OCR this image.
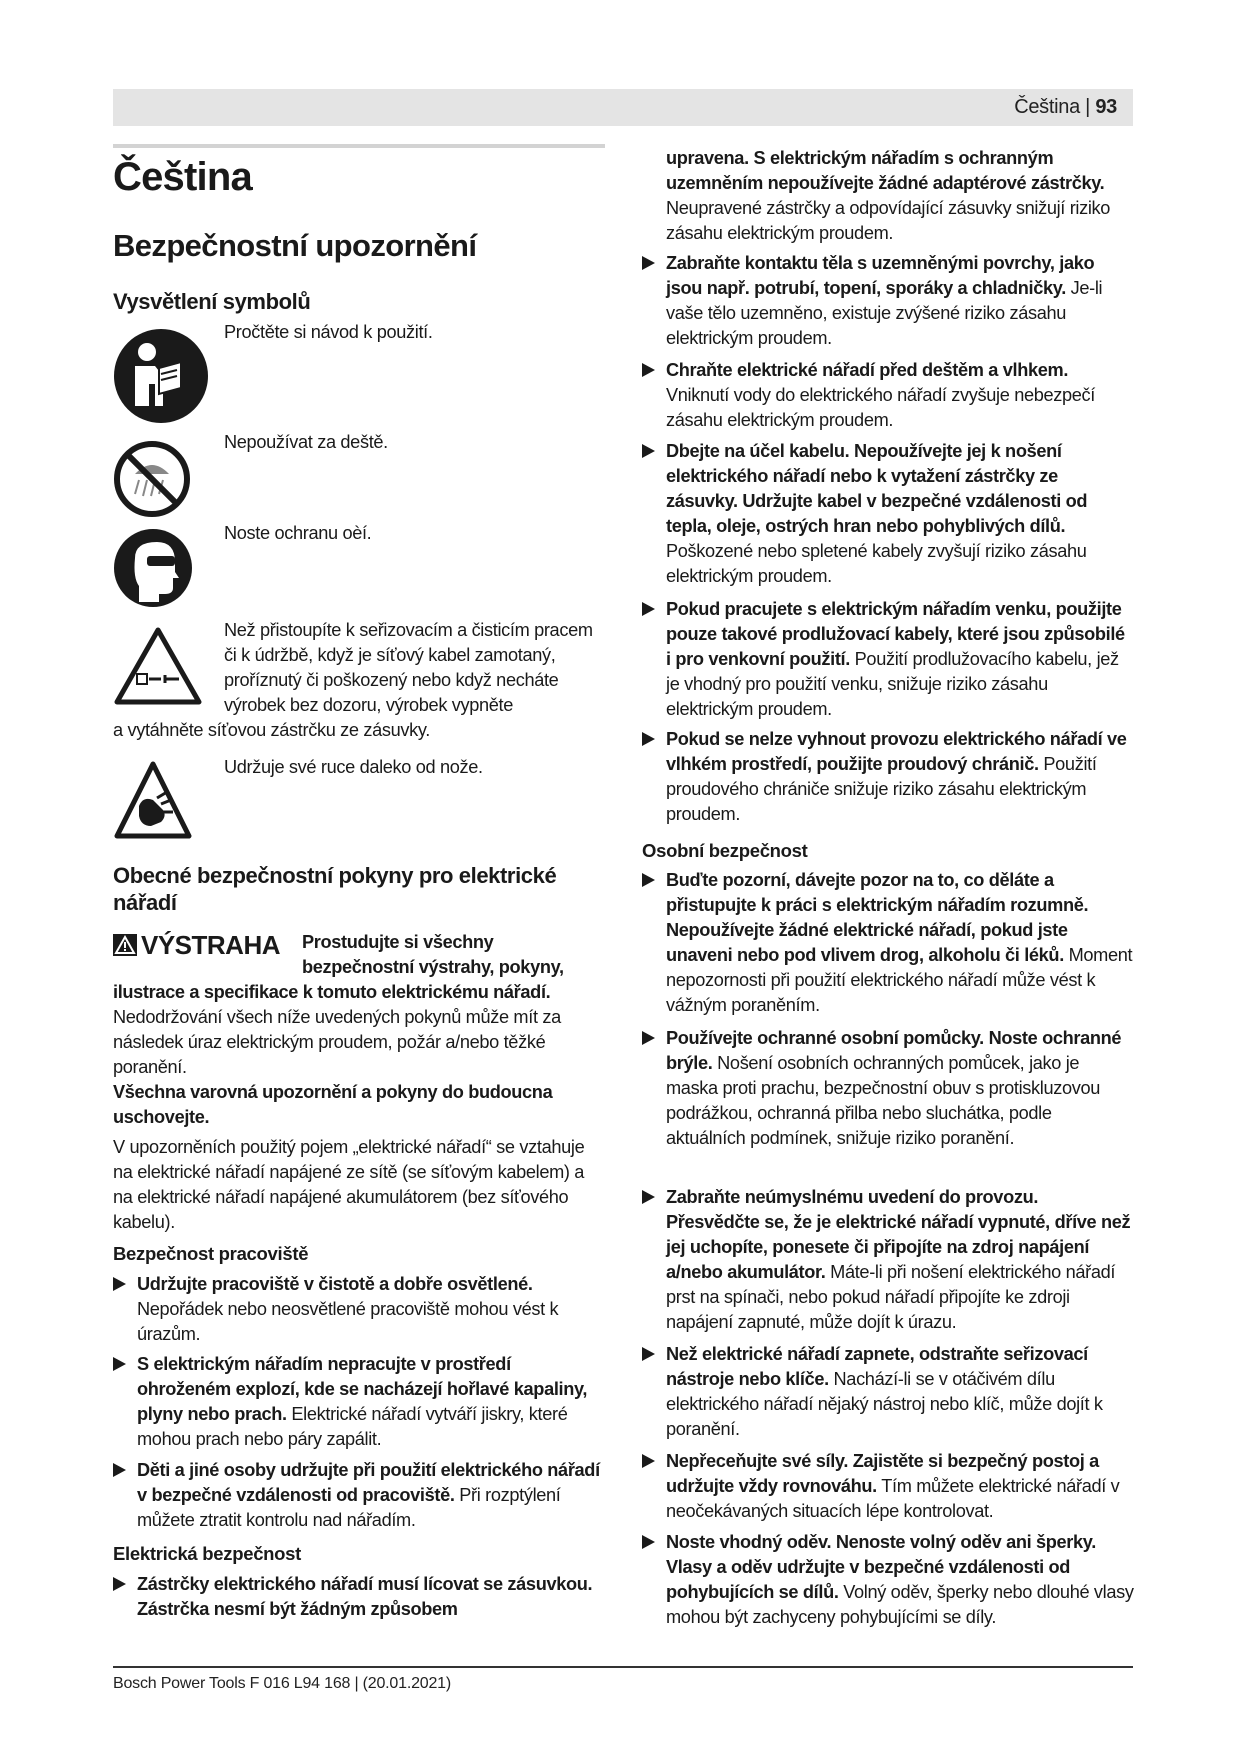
Čeština | 93
Čeština
Bezpečnostní upozornění
Vysvětlení symbolů
Pročtěte si návod k použití.
Nepoužívat za deště.
Noste ochranu oèí.
Než přistoupíte k seřizovacím a čisticím pracem či k údržbě, když je síťový kabel zamotaný, proříznutý či poškozený nebo když necháte výrobek bez dozoru, výrobek vypněte
a vytáhněte síťovou zástrčku ze zásuvky.
Udržuje své ruce daleko od nože.
Obecné bezpečnostní pokyny pro elektrické
nářadí
VÝSTRAHA Prostudujte si všechny
bezpečnostní výstrahy, pokyny,
ilustrace a specifikace k tomuto elektrickému nářadí.
Nedodržování všech níže uvedených pokynů může mít za následek úraz elektrickým proudem, požár a/nebo těžké poranění.
Všechna varovná upozornění a pokyny do budoucna uschovejte.
V upozorněních použitý pojem „elektrické nářadí“ se vztahuje na elektrické nářadí napájené ze sítě (se síťovým kabelem) a na elektrické nářadí napájené akumulátorem (bez síťového kabelu).
Bezpečnost pracoviště
Udržujte pracoviště v čistotě a dobře osvětlené. Nepořádek nebo neosvětlené pracoviště mohou vést k úrazům.
S elektrickým nářadím nepracujte v prostředí ohroženém explozí, kde se nacházejí hořlavé kapaliny, plyny nebo prach. Elektrické nářadí vytváří jiskry, které mohou prach nebo páry zapálit.
Děti a jiné osoby udržujte při použití elektrického nářadí v bezpečné vzdálenosti od pracoviště. Při rozptýlení můžete ztratit kontrolu nad nářadím.
Elektrická bezpečnost
Zástrčky elektrického nářadí musí lícovat se zásuvkou. Zástrčka nesmí být žádným způsobem
upravena. S elektrickým nářadím s ochranným uzemněním nepoužívejte žádné adaptérové zástrčky. Neupravené zástrčky a odpovídající zásuvky snižují riziko zásahu elektrickým proudem.
Zabraňte kontaktu těla s uzemněnými povrchy, jako jsou např. potrubí, topení, sporáky a chladničky. Je-li vaše tělo uzemněno, existuje zvýšené riziko zásahu elektrickým proudem.
Chraňte elektrické nářadí před deštěm a vlhkem. Vniknutí vody do elektrického nářadí zvyšuje nebezpečí zásahu elektrickým proudem.
Dbejte na účel kabelu. Nepoužívejte jej k nošení elektrického nářadí nebo k vytažení zástrčky ze zásuvky. Udržujte kabel v bezpečné vzdálenosti od tepla, oleje, ostrých hran nebo pohyblivých dílů. Poškozené nebo spletené kabely zvyšují riziko zásahu elektrickým proudem.
Pokud pracujete s elektrickým nářadím venku, použijte pouze takové prodlužovací kabely, které jsou způsobilé i pro venkovní použití. Použití prodlužovacího kabelu, jež je vhodný pro použití venku, snižuje riziko zásahu elektrickým proudem.
Pokud se nelze vyhnout provozu elektrického nářadí ve vlhkém prostředí, použijte proudový chránič. Použití proudového chrániče snižuje riziko zásahu elektrickým proudem.
Osobní bezpečnost
Buďte pozorní, dávejte pozor na to, co děláte a přistupujte k práci s elektrickým nářadím rozumně. Nepoužívejte žádné elektrické nářadí, pokud jste unaveni nebo pod vlivem drog, alkoholu či léků. Moment nepozornosti při použití elektrického nářadí může vést k vážným poraněním.
Používejte ochranné osobní pomůcky. Noste ochranné brýle. Nošení osobních ochranných pomůcek, jako je maska proti prachu, bezpečnostní obuv s protiskluzovou podrážkou, ochranná přilba nebo sluchátka, podle aktuálních podmínek, snižuje riziko poranění.
Zabraňte neúmyslnému uvedení do provozu. Přesvědčte se, že je elektrické nářadí vypnuté, dříve než jej uchopíte, ponesete či připojíte na zdroj napájení a/nebo akumulátor. Máte-li při nošení elektrického nářadí prst na spínači, nebo pokud nářadí připojíte ke zdroji napájení zapnuté, může dojít k úrazu.
Než elektrické nářadí zapnete, odstraňte seřizovací nástroje nebo klíče. Nachází-li se v otáčivém dílu elektrického nářadí nějaký nástroj nebo klíč, může dojít k poranění.
Nepřeceňujte své síly. Zajistěte si bezpečný postoj a udržujte vždy rovnováhu. Tím můžete elektrické nářadí v neočekávaných situacích lépe kontrolovat.
Noste vhodný oděv. Nenoste volný oděv ani šperky. Vlasy a oděv udržujte v bezpečné vzdálenosti od pohybujících se dílů. Volný oděv, šperky nebo dlouhé vlasy mohou být zachyceny pohybujícími se díly.
Bosch Power Tools F 016 L94 168 | (20.01.2021)
